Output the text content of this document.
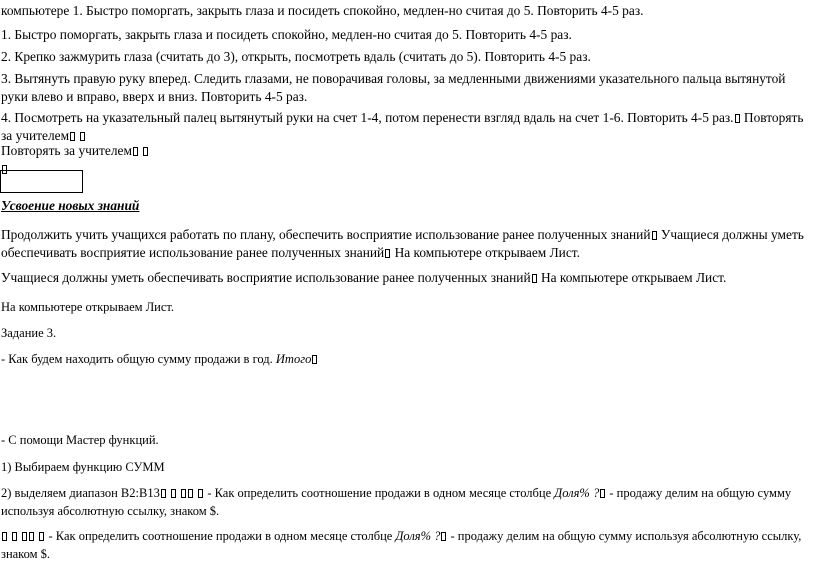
компьютере⁠ 1. Быстро поморгать, закрыть глаза и посидеть спокойно, медлен-но считая до 5. Повторить 4-5 раз.

1. Быстро поморгать, закрыть глаза и посидеть спокойно, медлен-но считая до 5. Повторить 4-5 раз.

2. Крепко зажмурить глаза (считать до 3), открыть, посмотреть вдаль (считать до 5). Повторить 4-5 раз.

3. Вытянуть правую руку вперед. Следить глазами, не поворачивая головы, за медленными движениями указательного пальца вытянутой руки влево и вправо, вверх и вниз. Повторить 4-5 раз.

4. Посмотреть на указательный палец вытянутый руки на счет 1-4, потом перенести взгляд вдаль на счет 1-6. Повторить 4-5 раз. Повторять за учителем

Повторять за учителем

Усвоение новых знаний

Продолжить учить учащихся работать по плану, обеспечить восприятие использование ранее полученных знаний Учащиеся должны уметь обеспечивать восприятие использование ранее полученных знаний На компьютере открываем Лист.

Учащиеся должны уметь обеспечивать восприятие использование ранее полученных знаний На компьютере открываем Лист.

На компьютере открываем Лист.

Задание 3.

- Как будем находить общую сумму продажи в год. Итого

- С помощи Мастер функций.

1) Выбираем функцию СУММ

2) выделяем диапазон В2:В13	- Как определить соотношение продажи в одном месяце столбце Доля% ? - продажу делим на общую сумму используя абсолютную ссылку, знаком $.

- Как определить соотношение продажи в одном месяце столбце Доля% ? - продажу делим на общую сумму используя абсолютную ссылку, знаком $.
